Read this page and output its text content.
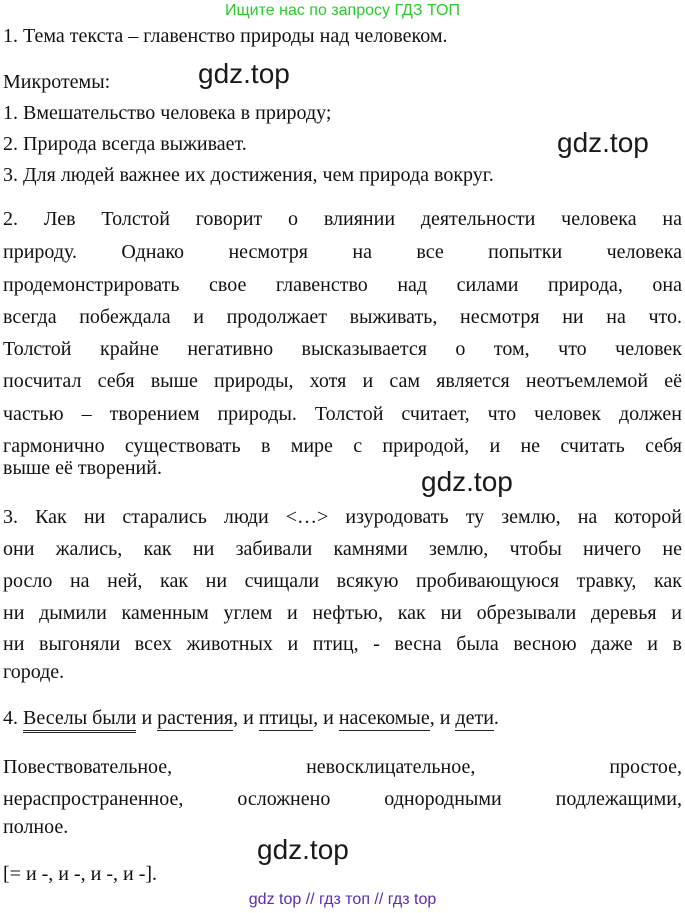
Ищите нас по запросу ГДЗ ТОП
1. Тема текста – главенство природы над человеком.
Микротемы:
1. Вмешательство человека в природу;
2. Природа всегда выживает.
3. Для людей важнее их достижения, чем природа вокруг.
2. Лев Толстой говорит о влиянии деятельности человека на
природу. Однако несмотря на все попытки человека
продемонстрировать свое главенство над силами природа, она
всегда побеждала и продолжает выживать, несмотря ни на что.
Толстой крайне негативно высказывается о том, что человек
посчитал себя выше природы, хотя и сам является неотъемлемой её
частью – творением природы. Толстой считает, что человек должен
гармонично существовать в мире с природой, и не считать себя
выше её творений.
3. Как ни старались люди <…> изуродовать ту землю, на которой
они жались, как ни забивали камнями землю, чтобы ничего не
росло на ней, как ни счищали всякую пробивающуюся травку, как
ни дымили каменным углем и нефтью, как ни обрезывали деревья и
ни выгоняли всех животных и птиц, - весна была весною даже и в
городе.
4. Веселы были и растения, и птицы, и насекомые, и дети.
Повествовательное, невосклицательное, простое,
нераспространенное, осложнено однородными подлежащими,
полное.
[= и -, и -, и -, и -].
gdz.top
gdz.top
gdz.top
gdz.top
gdz top // гдз топ // гдз top
